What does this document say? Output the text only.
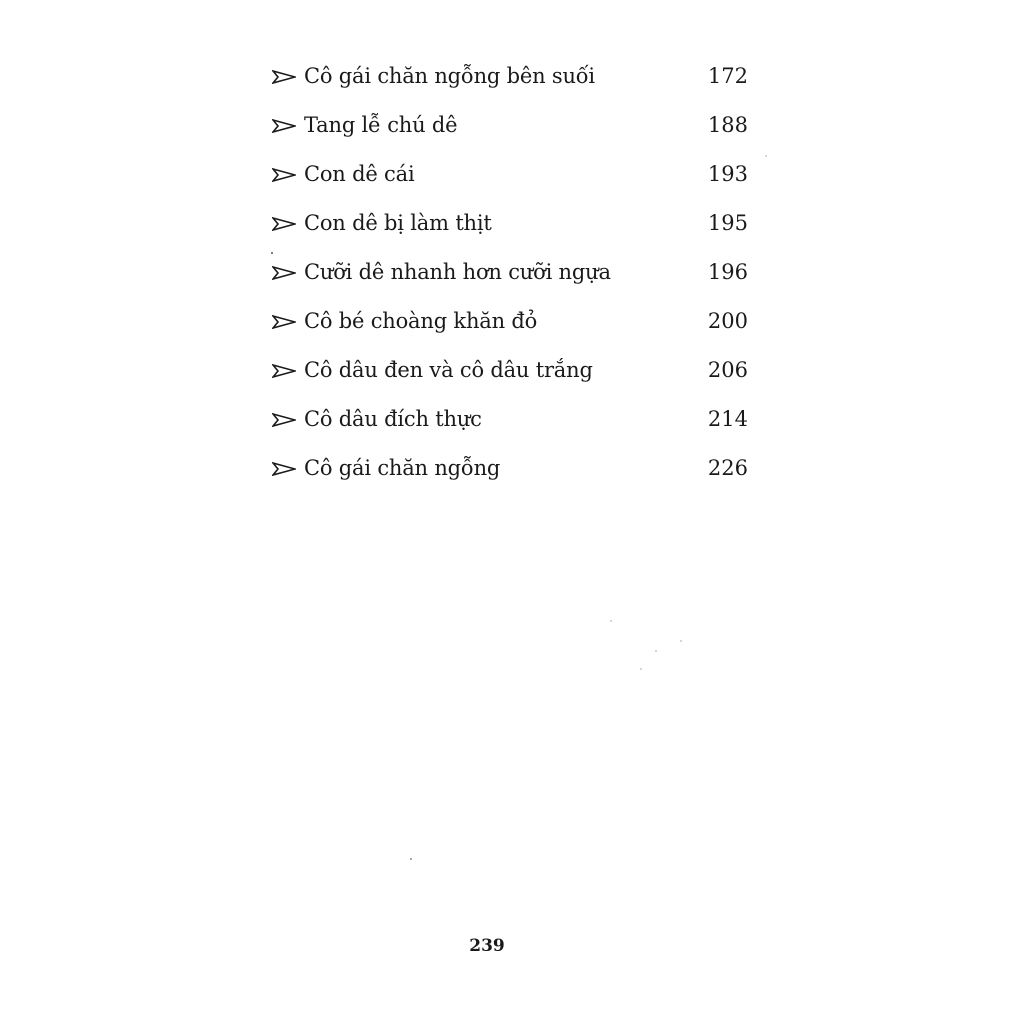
Cô gái chăn ngỗng bên suối	172
Tang lễ chú dê	188
Con dê cái	193
Con dê bị làm thịt	195
Cưỡi dê nhanh hơn cưỡi ngựa	196
Cô bé choàng khăn đỏ	200
Cô dâu đen và cô dâu trắng	206
Cô dâu đích thực	214
Cô gái chăn ngỗng	226
239
